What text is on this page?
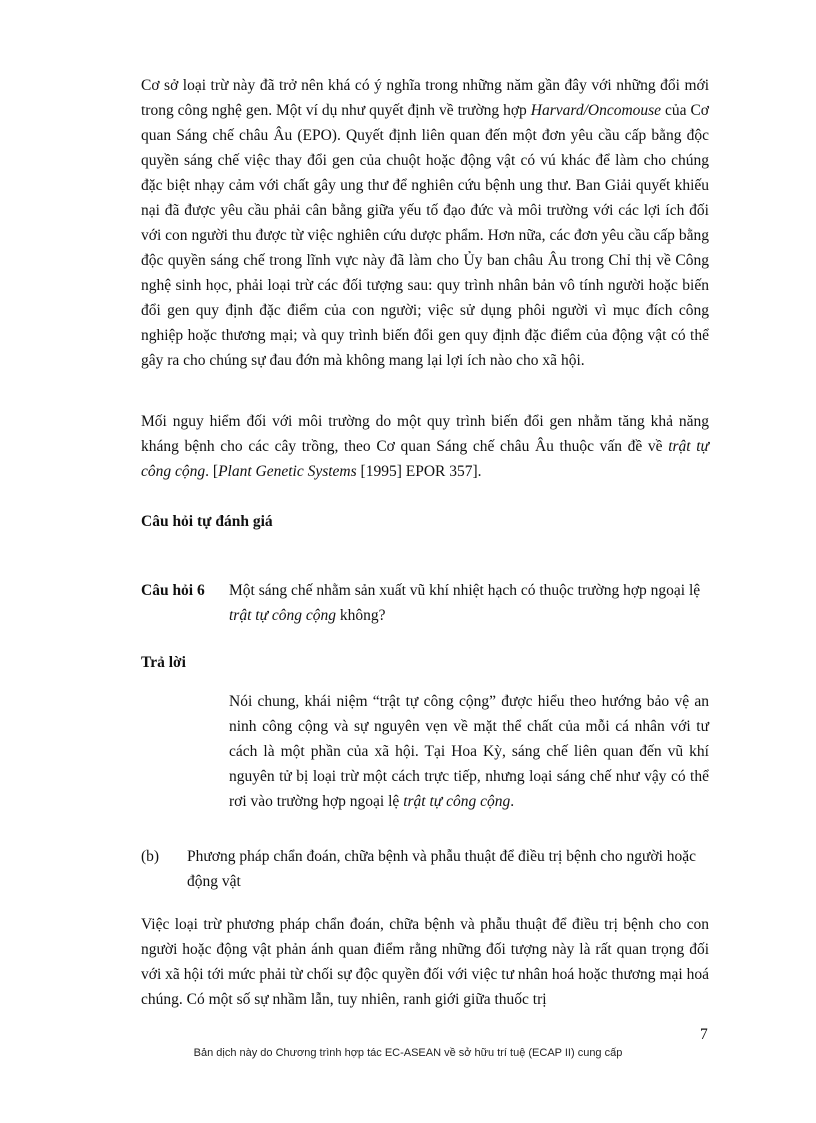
Cơ sở loại trừ này đã trở nên khá có ý nghĩa trong những năm gần đây với những đổi mới trong công nghệ gen. Một ví dụ như quyết định về trường hợp Harvard/Oncomouse của Cơ quan Sáng chế châu Âu (EPO). Quyết định liên quan đến một đơn yêu cầu cấp bằng độc quyền sáng chế việc thay đổi gen của chuột hoặc động vật có vú khác để làm cho chúng đặc biệt nhạy cảm với chất gây ung thư để nghiên cứu bệnh ung thư. Ban Giải quyết khiếu nại đã được yêu cầu phải cân bằng giữa yếu tố đạo đức và môi trường với các lợi ích đối với con người thu được từ việc nghiên cứu dược phẩm. Hơn nữa, các đơn yêu cầu cấp bằng độc quyền sáng chế trong lĩnh vực này đã làm cho Ủy ban châu Âu trong Chỉ thị về Công nghệ sinh học, phải loại trừ các đối tượng sau: quy trình nhân bản vô tính người hoặc biến đổi gen quy định đặc điểm của con người; việc sử dụng phôi người vì mục đích công nghiệp hoặc thương mại; và quy trình biến đổi gen quy định đặc điểm của động vật có thể gây ra cho chúng sự đau đớn mà không mang lại lợi ích nào cho xã hội.

Mối nguy hiểm đối với môi trường do một quy trình biến đổi gen nhằm tăng khả năng kháng bệnh cho các cây trồng, theo Cơ quan Sáng chế châu Âu thuộc vấn đề về trật tự công cộng. [Plant Genetic Systems [1995] EPOR 357].

Câu hỏi tự đánh giá

Câu hỏi 6 Một sáng chế nhằm sản xuất vũ khí nhiệt hạch có thuộc trường hợp ngoại lệ trật tự công cộng không?

Trả lời

Nói chung, khái niệm “trật tự công cộng” được hiểu theo hướng bảo vệ an ninh công cộng và sự nguyên vẹn về mặt thể chất của mỗi cá nhân với tư cách là một phần của xã hội. Tại Hoa Kỳ, sáng chế liên quan đến vũ khí nguyên tử bị loại trừ một cách trực tiếp, nhưng loại sáng chế như vậy có thể rơi vào trường hợp ngoại lệ trật tự công cộng.

(b) Phương pháp chẩn đoán, chữa bệnh và phẫu thuật để điều trị bệnh cho người hoặc động vật

Việc loại trừ phương pháp chẩn đoán, chữa bệnh và phẫu thuật để điều trị bệnh cho con người hoặc động vật phản ánh quan điểm rằng những đối tượng này là rất quan trọng đối với xã hội tới mức phải từ chối sự độc quyền đối với việc tư nhân hoá hoặc thương mại hoá chúng. Có một số sự nhầm lẫn, tuy nhiên, ranh giới giữa thuốc trị

7
Bản dịch này do Chương trình hợp tác EC-ASEAN về sở hữu trí tuệ (ECAP II) cung cấp
